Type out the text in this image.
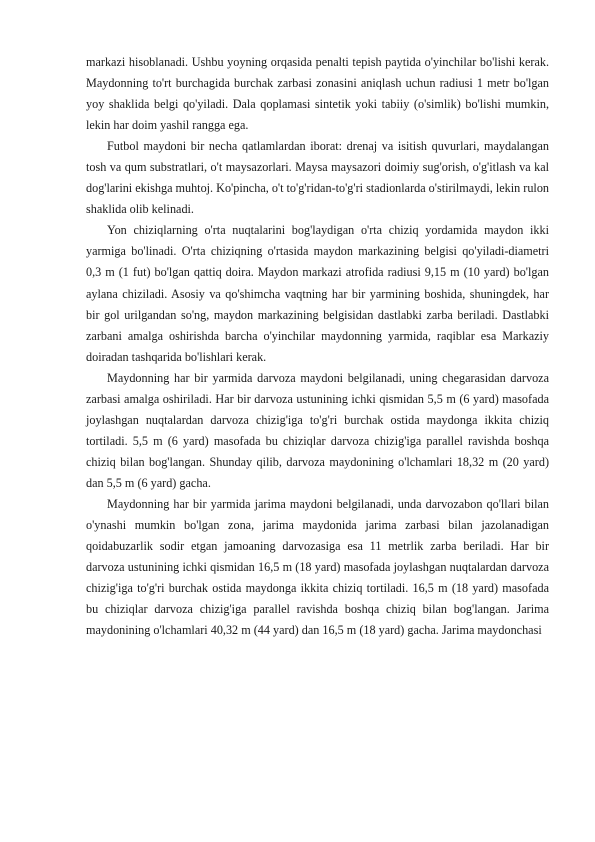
markazi hisoblanadi. Ushbu yoyning orqasida penalti tepish paytida o'yinchilar bo'lishi kerak. Maydonning to'rt burchagida burchak zarbasi zonasini aniqlash uchun radiusi 1 metr bo'lgan yoy shaklida belgi qo'yiladi. Dala qoplamasi sintetik yoki tabiiy (o'simlik) bo'lishi mumkin, lekin har doim yashil rangga ega.

Futbol maydoni bir necha qatlamlardan iborat: drenaj va isitish quvurlari, maydalangan tosh va qum substratlari, o't maysazorlari. Maysa maysazori doimiy sug'orish, o'g'itlash va kal dog'larini ekishga muhtoj. Ko'pincha, o't to'g'ridan-to'g'ri stadionlarda o'stirilmaydi, lekin rulon shaklida olib kelinadi.

Yon chiziqlarning o'rta nuqtalarini bog'laydigan o'rta chiziq yordamida maydon ikki yarmiga bo'linadi. O'rta chiziqning o'rtasida maydon markazining belgisi qo'yiladi-diametri 0,3 m (1 fut) bo'lgan qattiq doira. Maydon markazi atrofida radiusi 9,15 m (10 yard) bo'lgan aylana chiziladi. Asosiy va qo'shimcha vaqtning har bir yarmining boshida, shuningdek, har bir gol urilgandan so'ng, maydon markazining belgisidan dastlabki zarba beriladi. Dastlabki zarbani amalga oshirishda barcha o'yinchilar maydonning yarmida, raqiblar esa Markaziy doiradan tashqarida bo'lishlari kerak.

Maydonning har bir yarmida darvoza maydoni belgilanadi, uning chegarasidan darvoza zarbasi amalga oshiriladi. Har bir darvoza ustunining ichki qismidan 5,5 m (6 yard) masofada joylashgan nuqtalardan darvoza chizig'iga to'g'ri burchak ostida maydonga ikkita chiziq tortiladi. 5,5 m (6 yard) masofada bu chiziqlar darvoza chizig'iga parallel ravishda boshqa chiziq bilan bog'langan. Shunday qilib, darvoza maydonining o'lchamlari 18,32 m (20 yard) dan 5,5 m (6 yard) gacha.

Maydonning har bir yarmida jarima maydoni belgilanadi, unda darvozabon qo'llari bilan o'ynashi mumkin bo'lgan zona, jarima maydonida jarima zarbasi bilan jazolanadigan qoidabuzarlik sodir etgan jamoaning darvozasiga esa 11 metrlik zarba beriladi. Har bir darvoza ustunining ichki qismidan 16,5 m (18 yard) masofada joylashgan nuqtalardan darvoza chizig'iga to'g'ri burchak ostida maydonga ikkita chiziq tortiladi. 16,5 m (18 yard) masofada bu chiziqlar darvoza chizig'iga parallel ravishda boshqa chiziq bilan bog'langan. Jarima maydonining o'lchamlari 40,32 m (44 yard) dan 16,5 m (18 yard) gacha. Jarima maydonchasi
